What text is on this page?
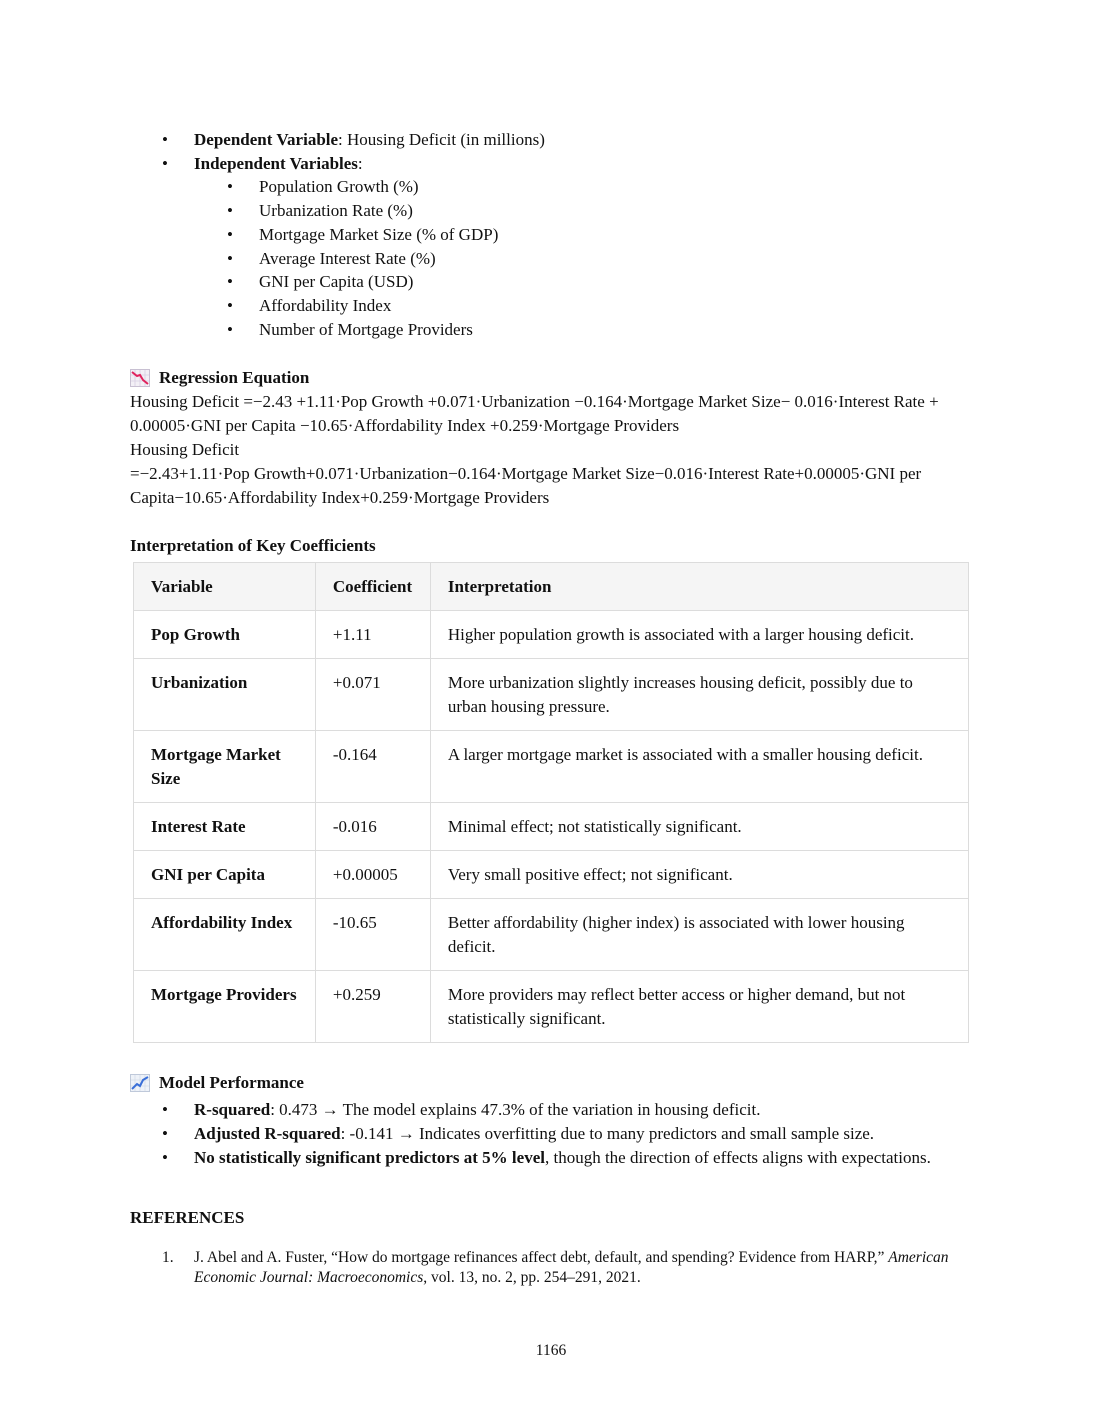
• Dependent Variable: Housing Deficit (in millions)
• Independent Variables:
• Population Growth (%)
• Urbanization Rate (%)
• Mortgage Market Size (% of GDP)
• Average Interest Rate (%)
• GNI per Capita (USD)
• Affordability Index
• Number of Mortgage Providers
Regression Equation

Housing Deficit =−2.43 +1.11·Pop Growth +0.071·Urbanization −0.164·Mortgage Market Size− 0.016·Interest Rate + 0.00005·GNI per Capita −10.65·Affordability Index +0.259·Mortgage Providers

Housing Deficit

=−2.43+1.11·Pop Growth+0.071·Urbanization−0.164·Mortgage Market Size−0.016·Interest Rate+0.00005·GNI per Capita−10.65·Affordability Index+0.259·Mortgage Providers

Interpretation of Key Coefficients
Variable	Coefficient	Interpretation
Pop Growth	+1.11	Higher population growth is associated with a larger housing deficit.
Urbanization	+0.071	More urbanization slightly increases housing deficit, possibly due to urban housing pressure.
Mortgage Market Size	-0.164	A larger mortgage market is associated with a smaller housing deficit.
Interest Rate	-0.016	Minimal effect; not statistically significant.
GNI per Capita	+0.00005	Very small positive effect; not significant.
Affordability Index	-10.65	Better affordability (higher index) is associated with lower housing deficit.
Mortgage Providers	+0.259	More providers may reflect better access or higher demand, but not statistically significant.
Model Performance
• R-squared: 0.473 → The model explains 47.3% of the variation in housing deficit.
• Adjusted R-squared: -0.141 → Indicates overfitting due to many predictors and small sample size.
• No statistically significant predictors at 5% level, though the direction of effects aligns with expectations.
REFERENCES
1. J. Abel and A. Fuster, “How do mortgage refinances affect debt, default, and spending? Evidence from HARP,” American Economic Journal: Macroeconomics, vol. 13, no. 2, pp. 254–291, 2021.
1166
